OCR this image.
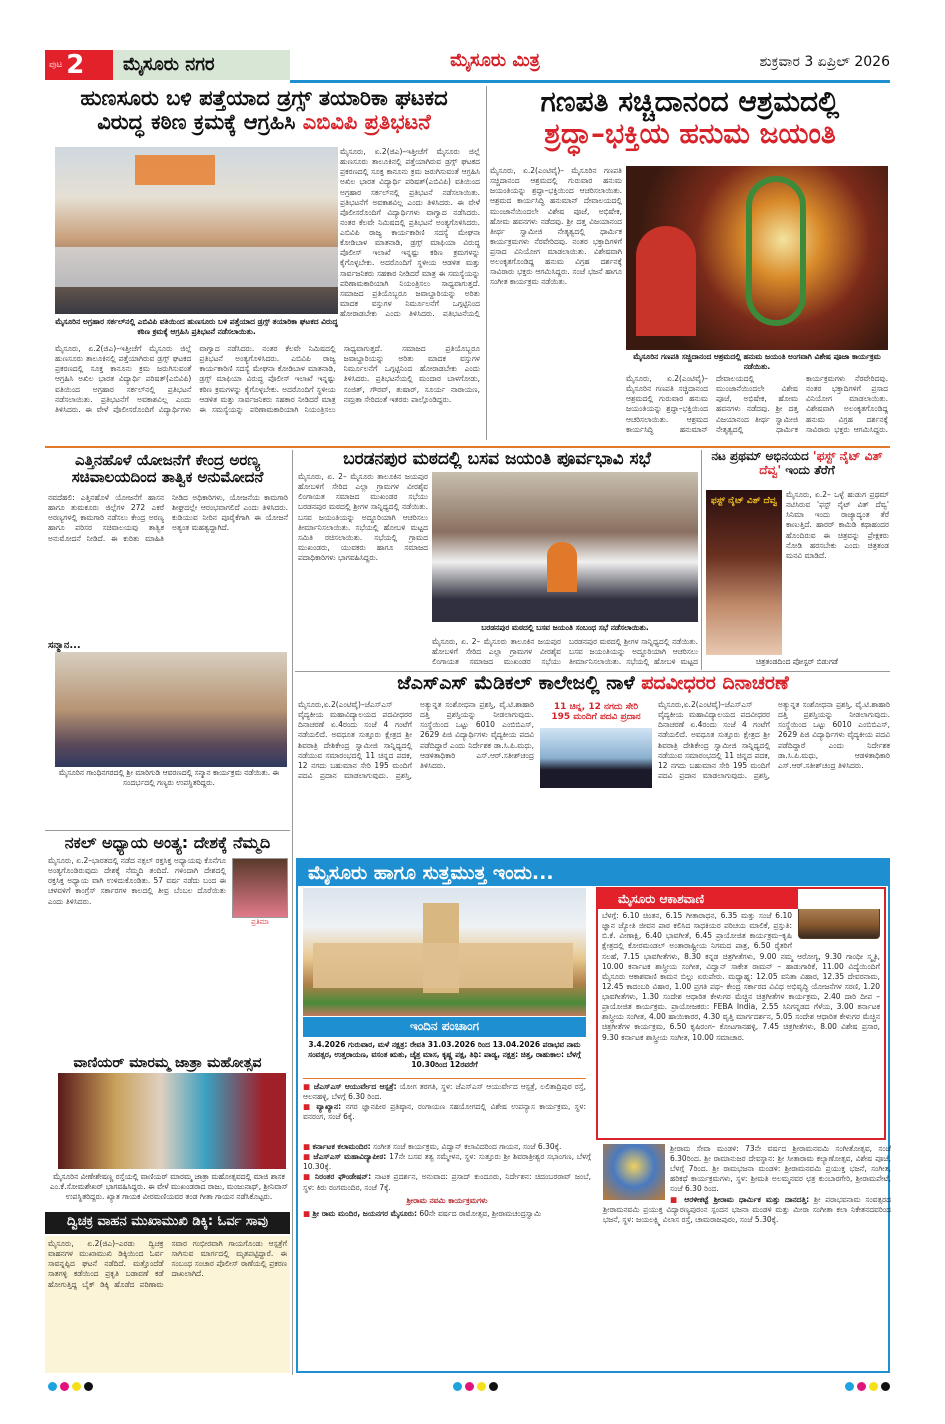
ಪುಟ 2	ಮೈಸೂರು ನಗರ	ಮೈಸೂರು ಮಿತ್ರ	ಶುಕ್ರವಾರ 3 ಏಪ್ರಿಲ್ 2026
ಹುಣಸೂರು ಬಳಿ ಪತ್ತೆಯಾದ ಡ್ರಗ್ಸ್ ತಯಾರಿಕಾ ಘಟಕದ
ವಿರುದ್ಧ ಕಠಿಣ ಕ್ರಮಕ್ಕೆ ಆಗ್ರಹಿಸಿ ಎಬಿವಿಪಿ ಪ್ರತಿಭಟನೆ
ಮೈಸೂರು, ಏ.2(ಜಿಎ)–ಇತ್ತೀಚೆಗೆ ಮೈಸೂರು ಜಿಲ್ಲೆ ಹುಣಸೂರು ತಾಲೂಕಿನಲ್ಲಿ ಪತ್ತೆಯಾಗಿರುವ ಡ್ರಗ್ಸ್ ಘಟಕದ ಪ್ರಕರಣದಲ್ಲಿ ಸೂಕ್ತ ಕಾನೂನು ಕ್ರಮ ಜರುಗಿಸುವಂತೆ ಆಗ್ರಹಿಸಿ ಅಖಿಲ ಭಾರತ ವಿದ್ಯಾರ್ಥಿ ಪರಿಷತ್(ಎಬಿವಿಪಿ) ವತಿಯಿಂದ ಅಗ್ರಹಾರ ಸರ್ಕಲ್‌ನಲ್ಲಿ ಪ್ರತಿಭಟನೆ ನಡೆಸಲಾಯಿತು. ಪ್ರತಿಭಟನೆಗೆ ಅವಕಾಶವಿಲ್ಲ ಎಂದು ತಿಳಿಸಿದರು. ಈ ವೇಳೆ ಪೊಲೀಸರೊಂದಿಗೆ ವಿದ್ಯಾರ್ಥಿಗಳು ವಾಗ್ವಾದ ನಡೆಸಿದರು. ನಂತರ ಕೆಲವೇ ನಿಮಿಷದಲ್ಲಿ ಪ್ರತಿಭಟನೆ ಅಂತ್ಯಗೊಳಿಸಿದರು. ಎಬಿವಿಪಿ ರಾಜ್ಯ ಕಾರ್ಯಕಾರಿಣಿ ಸದಸ್ಯೆ ಮೇಘನಾ ಕೋಡಿಬಾಳ ಮಾತನಾಡಿ, ಡ್ರಗ್ಸ್ ಮಾಫಿಯಾ ವಿರುದ್ಧ ಪೊಲೀಸ್ ಇಲಾಖೆ ಇನ್ನಷ್ಟು ಕಠಿಣ ಕ್ರಮಗಳನ್ನು ಕೈಗೊಳ್ಳಬೇಕು. ಅದರೊಂದಿಗೆ ಸ್ಥಳೀಯ ಆಡಳಿತ ಮತ್ತು ಸಾರ್ವಜನಿಕರು ಸಹಕಾರ ನೀಡಿದರೆ ಮಾತ್ರ ಈ ಸಮಸ್ಯೆಯನ್ನು ಪರಿಣಾಮಕಾರಿಯಾಗಿ ನಿಯಂತ್ರಿಸಲು ಸಾಧ್ಯವಾಗುತ್ತದೆ. ಸಮಾಜದ ಪ್ರತಿಯೊಬ್ಬರೂ ಜವಾಬ್ದಾರಿಯನ್ನು ಅರಿತು ಮಾದಕ ವಸ್ತುಗಳ ನಿರ್ಮೂಲನೆಗೆ ಒಗ್ಗಟ್ಟಿನಿಂದ ಹೋರಾಡಬೇಕು ಎಂದು ತಿಳಿಸಿದರು. ಪ್ರತಿಭಟನೆಯಲ್ಲಿ
ಮೈಸೂರಿನ ಅಗ್ರಹಾರ ಸರ್ಕಲ್‌ನಲ್ಲಿ ಎಬಿವಿಪಿ ವತಿಯಿಂದ ಹುಣಸೂರು ಬಳಿ ಪತ್ತೆಯಾದ ಡ್ರಗ್ಸ್ ತಯಾರಿಕಾ ಘಟಕದ ವಿರುದ್ಧ ಕಠಿಣ ಕ್ರಮಕ್ಕೆ ಆಗ್ರಹಿಸಿ ಪ್ರತಿಭಟನೆ ನಡೆಸಲಾಯಿತು.
ಮೈಸೂರು, ಏ.2(ಜಿಎ)–ಇತ್ತೀಚೆಗೆ ಮೈಸೂರು ಜಿಲ್ಲೆ ಹುಣಸೂರು ತಾಲೂಕಿನಲ್ಲಿ ಪತ್ತೆಯಾಗಿರುವ ಡ್ರಗ್ಸ್ ಘಟಕದ ಪ್ರಕರಣದಲ್ಲಿ ಸೂಕ್ತ ಕಾನೂನು ಕ್ರಮ ಜರುಗಿಸುವಂತೆ ಆಗ್ರಹಿಸಿ ಅಖಿಲ ಭಾರತ ವಿದ್ಯಾರ್ಥಿ ಪರಿಷತ್(ಎಬಿವಿಪಿ) ವತಿಯಿಂದ ಅಗ್ರಹಾರ ಸರ್ಕಲ್‌ನಲ್ಲಿ ಪ್ರತಿಭಟನೆ ನಡೆಸಲಾಯಿತು. ಪ್ರತಿಭಟನೆಗೆ ಅವಕಾಶವಿಲ್ಲ ಎಂದು ತಿಳಿಸಿದರು. ಈ ವೇಳೆ ಪೊಲೀಸರೊಂದಿಗೆ ವಿದ್ಯಾರ್ಥಿಗಳು ವಾಗ್ವಾದ ನಡೆಸಿದರು. ನಂತರ ಕೆಲವೇ ನಿಮಿಷದಲ್ಲಿ ಪ್ರತಿಭಟನೆ ಅಂತ್ಯಗೊಳಿಸಿದರು. ಎಬಿವಿಪಿ ರಾಜ್ಯ ಕಾರ್ಯಕಾರಿಣಿ ಸದಸ್ಯೆ ಮೇಘನಾ ಕೋಡಿಬಾಳ ಮಾತನಾಡಿ, ಡ್ರಗ್ಸ್ ಮಾಫಿಯಾ ವಿರುದ್ಧ ಪೊಲೀಸ್ ಇಲಾಖೆ ಇನ್ನಷ್ಟು ಕಠಿಣ ಕ್ರಮಗಳನ್ನು ಕೈಗೊಳ್ಳಬೇಕು. ಅದರೊಂದಿಗೆ ಸ್ಥಳೀಯ ಆಡಳಿತ ಮತ್ತು ಸಾರ್ವಜನಿಕರು ಸಹಕಾರ ನೀಡಿದರೆ ಮಾತ್ರ ಈ ಸಮಸ್ಯೆಯನ್ನು ಪರಿಣಾಮಕಾರಿಯಾಗಿ ನಿಯಂತ್ರಿಸಲು ಸಾಧ್ಯವಾಗುತ್ತದೆ. ಸಮಾಜದ ಪ್ರತಿಯೊಬ್ಬರೂ ಜವಾಬ್ದಾರಿಯನ್ನು ಅರಿತು ಮಾದಕ ವಸ್ತುಗಳ ನಿರ್ಮೂಲನೆಗೆ ಒಗ್ಗಟ್ಟಿನಿಂದ ಹೋರಾಡಬೇಕು ಎಂದು ತಿಳಿಸಿದರು. ಪ್ರತಿಭಟನೆಯಲ್ಲಿ ಮಂದಾರ ಬಾಳಗೋಡು, ಸಂಜಿತ್, ಗೌರವ್, ತುಷಾರ್, ಸೂರ್ಯ ನಾರಾಯಣ, ನಮ್ರತಾ ಸೇರಿದಂತೆ ಇತರರು ಪಾಲ್ಗೊಂಡಿದ್ದರು.
ಗಣಪತಿ ಸಚ್ಚಿದಾನಂದ ಆಶ್ರಮದಲ್ಲಿ
ಶ್ರದ್ಧಾ–ಭಕ್ತಿಯ ಹನುಮ ಜಯಂತಿ
ಮೈಸೂರು, ಏ.2(ಎಂಟಿವೈ)– ಮೈಸೂರಿನ ಗಣಪತಿ ಸಚ್ಚಿದಾನಂದ ಆಶ್ರಮದಲ್ಲಿ ಗುರುವಾರ ಹನುಮ ಜಯಂತಿಯನ್ನು ಶ್ರದ್ಧಾ–ಭಕ್ತಿಯಿಂದ ಆಚರಿಸಲಾಯಿತು. ಆಶ್ರಮದ ಕಾರ್ಯಸಿದ್ಧಿ ಹನುಮಾನ್ ದೇವಾಲಯದಲ್ಲಿ ಮುಂಜಾನೆಯಿಂದಲೇ ವಿಶೇಷ ಪೂಜೆ, ಅಭಿಷೇಕ, ಹೋಮ ಹವನಗಳು ನಡೆದವು. ಶ್ರೀ ದತ್ತ ವಿಜಯಾನಂದ ತೀರ್ಥ ಸ್ವಾಮೀಜಿ ನೇತೃತ್ವದಲ್ಲಿ ಧಾರ್ಮಿಕ ಕಾರ್ಯಕ್ರಮಗಳು ನೆರವೇರಿದವು. ನಂತರ ಭಕ್ತಾದಿಗಳಿಗೆ ಪ್ರಸಾದ ವಿನಿಯೋಗ ಮಾಡಲಾಯಿತು. ವಿಶೇಷವಾಗಿ ಅಲಂಕೃತಗೊಂಡಿದ್ದ ಹನುಮ ವಿಗ್ರಹ ದರ್ಶನಕ್ಕೆ ಸಾವಿರಾರು ಭಕ್ತರು ಆಗಮಿಸಿದ್ದರು. ಸಂಜೆ ಭಜನೆ ಹಾಗೂ ಸಂಗೀತ ಕಾರ್ಯಕ್ರಮ ನಡೆಯಿತು.
ಮೈಸೂರಿನ ಗಣಪತಿ ಸಚ್ಚಿದಾನಂದ ಆಶ್ರಮದಲ್ಲಿ ಹನುಮ ಜಯಂತಿ ಅಂಗವಾಗಿ ವಿಶೇಷ ಪೂಜಾ ಕಾರ್ಯಕ್ರಮ ನಡೆಯಿತು.
ಮೈಸೂರು, ಏ.2(ಎಂಟಿವೈ)– ಮೈಸೂರಿನ ಗಣಪತಿ ಸಚ್ಚಿದಾನಂದ ಆಶ್ರಮದಲ್ಲಿ ಗುರುವಾರ ಹನುಮ ಜಯಂತಿಯನ್ನು ಶ್ರದ್ಧಾ–ಭಕ್ತಿಯಿಂದ ಆಚರಿಸಲಾಯಿತು. ಆಶ್ರಮದ ಕಾರ್ಯಸಿದ್ಧಿ ಹನುಮಾನ್ ದೇವಾಲಯದಲ್ಲಿ ಮುಂಜಾನೆಯಿಂದಲೇ ವಿಶೇಷ ಪೂಜೆ, ಅಭಿಷೇಕ, ಹೋಮ ಹವನಗಳು ನಡೆದವು. ಶ್ರೀ ದತ್ತ ವಿಜಯಾನಂದ ತೀರ್ಥ ಸ್ವಾಮೀಜಿ ನೇತೃತ್ವದಲ್ಲಿ ಧಾರ್ಮಿಕ ಕಾರ್ಯಕ್ರಮಗಳು ನೆರವೇರಿದವು. ನಂತರ ಭಕ್ತಾದಿಗಳಿಗೆ ಪ್ರಸಾದ ವಿನಿಯೋಗ ಮಾಡಲಾಯಿತು. ವಿಶೇಷವಾಗಿ ಅಲಂಕೃತಗೊಂಡಿದ್ದ ಹನುಮ ವಿಗ್ರಹ ದರ್ಶನಕ್ಕೆ ಸಾವಿರಾರು ಭಕ್ತರು ಆಗಮಿಸಿದ್ದರು.
ಎತ್ತಿನಹೊಳೆ ಯೋಜನೆಗೆ ಕೇಂದ್ರ ಅರಣ್ಯ ಸಚಿವಾಲಯದಿಂದ ತಾತ್ವಿಕ ಅನುಮೋದನೆ
ನವದೆಹಲಿ: ಎತ್ತಿನಹೊಳೆ ಯೋಜನೆಗೆ ಹಾಸನ ಹಾಗೂ ತುಮಕೂರು ಜಿಲ್ಲೆಗಳ 272 ಎಕರೆ ಅರಣ್ಯಗಳಲ್ಲಿ ಕಾಮಗಾರಿ ನಡೆಸಲು ಕೇಂದ್ರ ಅರಣ್ಯ ಹಾಗೂ ಪರಿಸರ ಸಚಿವಾಲಯವು ತಾತ್ವಿಕ ಅನುಮೋದನೆ ನೀಡಿದೆ. ಈ ಕುರಿತು ಮಾಹಿತಿ ನೀಡಿದ ಅಧಿಕಾರಿಗಳು, ಯೋಜನೆಯ ಕಾಮಗಾರಿ ಶೀಘ್ರದಲ್ಲೇ ಆರಂಭವಾಗಲಿದೆ ಎಂದು ತಿಳಿಸಿದರು. ಕುಡಿಯುವ ನೀರಿನ ಪೂರೈಕೆಗಾಗಿ ಈ ಯೋಜನೆ ಅತ್ಯಂತ ಮಹತ್ವದ್ದಾಗಿದೆ.
ಸನ್ಮಾನ...
ಮೈಸೂರಿನ ಗಾಂಧಿನಗರದಲ್ಲಿ ಶ್ರೀ ಮಾರಿಗುಡಿ ಆವರಣದಲ್ಲಿ ಸನ್ಮಾನ ಕಾರ್ಯಕ್ರಮ ನಡೆಯಿತು. ಈ ಸಂದರ್ಭದಲ್ಲಿ ಗಣ್ಯರು ಉಪಸ್ಥಿತರಿದ್ದರು.
ನಕಲ್ ಅಧ್ಯಾಯ ಅಂತ್ಯ: ದೇಶಕ್ಕೆ ನೆಮ್ಮದಿ
ಪ್ರತಿಮಾ
ಮೈಸೂರು, ಏ.2–ಭಾರತದಲ್ಲಿ ನಡೆದ ನಕ್ಸಲ್ ರಕ್ತಸಿಕ್ತ ಅಧ್ಯಾಯವು ಕೊನೆಗೂ ಅಂತ್ಯಗೊಂಡಿರುವುದು ದೇಶಕ್ಕೆ ನೆಮ್ಮದಿ ತಂದಿದೆ. ಗಳಿಂದಾಗಿ ದೇಶದಲ್ಲಿ ರಕ್ತಸಿಕ್ತ ಅಧ್ಯಾಯ ವಾಗಿ ಉಳಿದುಕೊಂಡಿತು. 57 ವರ್ಷ ನಡೆದು ಬಂದ ಈ ಚಳವಳಿಗೆ ಕಾಂಗ್ರೆಸ್ ಸರ್ಕಾರಗಳ ಕಾಲದಲ್ಲಿ ತೀವ್ರ ಬೆಂಬಲ ದೊರೆಯಿತು ಎಂದು ತಿಳಿಸಿದರು.
ವಾಣಿಯರ್ ಮಾರಮ್ಮ ಜಾತ್ರಾ ಮಹೋತ್ಸವ
ಮೈಸೂರಿನ ವೀಣೇಶೇಷಣ್ಣ ರಸ್ತೆಯಲ್ಲಿ ವಾಣಿಯರ್ ಮಾರಮ್ಮ ಜಾತ್ರಾ ಮಹೋತ್ಸವದಲ್ಲಿ ಮಾಜಿ ಶಾಸಕ ಎಂ.ಕೆ.ಸೋಮಶೇಖರ್ ಭಾಗವಹಿಸಿದ್ದರು. ಈ ವೇಳೆ ಮುಖಂಡರಾದ ರಾಜು, ಮಂಜುನಾಥ್, ಶ್ರೀನಿವಾಸ್ ಉಪಸ್ಥಿತರಿದ್ದರು. ಖ್ಯಾತ ಗಾಯಕ ವೀರಮಣಿಯವರ ತಂಡ ಗೀತಾ ಗಾಯನ ನಡೆಸಿಕೊಟ್ಟರು.
ದ್ವಿಚಕ್ರ ವಾಹನ ಮುಖಾಮುಖಿ ಡಿಕ್ಕಿ: ಓರ್ವ ಸಾವು
ಮೈಸೂರು, ಏ.2(ಜಿಎ)–ಎರಡು ದ್ವಿಚಕ್ರ ವಾಹನಗಳ ಮುಖಾಮುಖಿ ಡಿಕ್ಕಿಯಿಂದ ಓರ್ವ ಸಾವನ್ನಪ್ಪಿದ ಘಟನೆ ನಡೆದಿದೆ. ಮತ್ತೊಂದೆಡೆ ಸಾತಗಳ್ಳಿ ಕಡೆಯಿಂದ ಪ್ರಕೃತಿ ಬಡಾವಣೆ ಕಡೆ ಹೋಗುತ್ತಿದ್ದ ಬೈಕ್ ಡಿಕ್ಕಿ ಹೊಡೆದ ಪರಿಣಾಮ ಸವಾರ ಗಂಭೀರವಾಗಿ ಗಾಯಗೊಂಡು ಆಸ್ಪತ್ರೆಗೆ ಸಾಗಿಸುವ ಮಾರ್ಗದಲ್ಲಿ ಮೃತಪಟ್ಟಿದ್ದಾರೆ. ಈ ಸಂಬಂಧ ಸಂಚಾರ ಪೊಲೀಸ್ ಠಾಣೆಯಲ್ಲಿ ಪ್ರಕರಣ ದಾಖಲಾಗಿದೆ.
ಬರಡನಪುರ ಮಠದಲ್ಲಿ ಬಸವ ಜಯಂತಿ ಪೂರ್ವಭಾವಿ ಸಭೆ
ಮೈಸೂರು, ಏ. 2– ಮೈಸೂರು ತಾಲೂಕಿನ ಜಯಪುರ ಹೋಬಳಿಗೆ ಸೇರಿದ ಎಲ್ಲಾ ಗ್ರಾಮಗಳ ವೀರಶೈವ ಲಿಂಗಾಯತ ಸಮಾಜದ ಮುಖಂಡರ ಸಭೆಯು ಬರಡನಪುರ ಮಠದಲ್ಲಿ ಶ್ರೀಗಳ ಸಾನ್ನಿಧ್ಯದಲ್ಲಿ ನಡೆಯಿತು. ಬಸವ ಜಯಂತಿಯನ್ನು ಅದ್ದೂರಿಯಾಗಿ ಆಚರಿಸಲು ತೀರ್ಮಾನಿಸಲಾಯಿತು. ಸಭೆಯಲ್ಲಿ ಹೋಬಳಿ ಮಟ್ಟದ ಸಮಿತಿ ರಚಿಸಲಾಯಿತು. ಸಭೆಯಲ್ಲಿ ಗ್ರಾಮದ ಮುಖಂಡರು, ಯುವಕರು ಹಾಗೂ ಸಮಾಜದ ಪದಾಧಿಕಾರಿಗಳು ಭಾಗವಹಿಸಿದ್ದರು.
ಬರಡನಪುರ ಮಠದಲ್ಲಿ ಬಸವ ಜಯಂತಿ ಸಂಬಂಧ ಸಭೆ ನಡೆಸಲಾಯಿತು.
ಮೈಸೂರು, ಏ. 2– ಮೈಸೂರು ತಾಲೂಕಿನ ಜಯಪುರ ಹೋಬಳಿಗೆ ಸೇರಿದ ಎಲ್ಲಾ ಗ್ರಾಮಗಳ ವೀರಶೈವ ಲಿಂಗಾಯತ ಸಮಾಜದ ಮುಖಂಡರ ಸಭೆಯು ಬರಡನಪುರ ಮಠದಲ್ಲಿ ಶ್ರೀಗಳ ಸಾನ್ನಿಧ್ಯದಲ್ಲಿ ನಡೆಯಿತು. ಬಸವ ಜಯಂತಿಯನ್ನು ಅದ್ದೂರಿಯಾಗಿ ಆಚರಿಸಲು ತೀರ್ಮಾನಿಸಲಾಯಿತು. ಸಭೆಯಲ್ಲಿ ಹೋಬಳಿ ಮಟ್ಟದ
ನಟ ಪ್ರಥಮ್ ಅಭಿನಯದ 'ಫಸ್ಟ್ ನೈಟ್ ವಿತ್ ದೆವ್ವ' ಇಂದು ತೆರೆಗೆ
ಫಸ್ಟ್ ನೈಟ್ ವಿತ್ ದೆವ್ವ
ಮೈಸೂರು, ಏ.2– ಒಳ್ಳೆ ಹುಡುಗ ಪ್ರಥಮ್ ನಟಿಸಿರುವ 'ಫಸ್ಟ್ ನೈಟ್ ವಿತ್ ದೆವ್ವ' ಸಿನಿಮಾ ಇಂದು ರಾಜ್ಯಾದ್ಯಂತ ತೆರೆ ಕಾಣುತ್ತಿದೆ. ಹಾರರ್ ಕಾಮಿಡಿ ಕಥಾಹಂದರ ಹೊಂದಿರುವ ಈ ಚಿತ್ರವನ್ನು ಪ್ರೇಕ್ಷಕರು ನೋಡಿ ಹರಸಬೇಕು ಎಂದು ಚಿತ್ರತಂಡ ಮನವಿ ಮಾಡಿದೆ.
ಚಿತ್ರತಂಡದಿಂದ ಪೋಸ್ಟರ್ ಬಿಡುಗಡೆ
ಜೆಎಸ್‌ಎಸ್ ಮೆಡಿಕಲ್ ಕಾಲೇಜಲ್ಲಿ ನಾಳೆ ಪದವೀಧರರ ದಿನಾಚರಣೆ
ಮೈಸೂರು,ಏ.2(ಎಂಟಿವೈ)–ಜೆಎಸ್‌ಎಸ್ ವೈದ್ಯಕೀಯ ಮಹಾವಿದ್ಯಾಲಯದ ಪದವೀಧರರ ದಿನಾಚರಣೆ ಏ.4ರಂದು ಸಂಜೆ 4 ಗಂಟೆಗೆ ನಡೆಯಲಿದೆ. ಅವಧೂತ ಸುತ್ತೂರು ಕ್ಷೇತ್ರದ ಶ್ರೀ ಶಿವರಾತ್ರಿ ದೇಶಿಕೇಂದ್ರ ಸ್ವಾಮೀಜಿ ಸಾನ್ನಿಧ್ಯದಲ್ಲಿ ನಡೆಯುವ ಸಮಾರಂಭದಲ್ಲಿ 11 ಚಿನ್ನದ ಪದಕ, 12 ನಗದು ಬಹುಮಾನ ಸೇರಿ 195 ಮಂದಿಗೆ ಪದವಿ ಪ್ರದಾನ ಮಾಡಲಾಗುವುದು. ಪ್ರಶಸ್ತಿ, ಅತ್ಯುನ್ನತ ಸಂಶೋಧನಾ ಪ್ರಶಸ್ತಿ, ವೈ.ಟಿ.ಶಾಹಾರಿ ದತ್ತಿ ಪ್ರಶಸ್ತಿಯನ್ನು ನೀಡಲಾಗುವುದು. ಸಂಸ್ಥೆಯಿಂದ ಒಟ್ಟು 6010 ಎಂಬಿಬಿಎಸ್, 2629 ಪಿಜಿ ವಿದ್ಯಾರ್ಥಿಗಳು ವೈದ್ಯಕೀಯ ಪದವಿ ಪಡೆದಿದ್ದಾರೆ ಎಂದು ನಿರ್ದೇಶಕ ಡಾ.ಸಿ.ಪಿ.ಮಧು, ಆಡಳಿತಾಧಿಕಾರಿ ಎಸ್.ಆರ್.ಸತೀಶ್‌ಚಂದ್ರ ತಿಳಿಸಿದರು.
11 ಚಿನ್ನ, 12 ನಗದು ಸೇರಿ
195 ಮಂದಿಗೆ ಪದವಿ ಪ್ರದಾನ
ಮೈಸೂರು,ಏ.2(ಎಂಟಿವೈ)–ಜೆಎಸ್‌ಎಸ್ ವೈದ್ಯಕೀಯ ಮಹಾವಿದ್ಯಾಲಯದ ಪದವೀಧರರ ದಿನಾಚರಣೆ ಏ.4ರಂದು ಸಂಜೆ 4 ಗಂಟೆಗೆ ನಡೆಯಲಿದೆ. ಅವಧೂತ ಸುತ್ತೂರು ಕ್ಷೇತ್ರದ ಶ್ರೀ ಶಿವರಾತ್ರಿ ದೇಶಿಕೇಂದ್ರ ಸ್ವಾಮೀಜಿ ಸಾನ್ನಿಧ್ಯದಲ್ಲಿ ನಡೆಯುವ ಸಮಾರಂಭದಲ್ಲಿ 11 ಚಿನ್ನದ ಪದಕ, 12 ನಗದು ಬಹುಮಾನ ಸೇರಿ 195 ಮಂದಿಗೆ ಪದವಿ ಪ್ರದಾನ ಮಾಡಲಾಗುವುದು. ಪ್ರಶಸ್ತಿ, ಅತ್ಯುನ್ನತ ಸಂಶೋಧನಾ ಪ್ರಶಸ್ತಿ, ವೈ.ಟಿ.ಶಾಹಾರಿ ದತ್ತಿ ಪ್ರಶಸ್ತಿಯನ್ನು ನೀಡಲಾಗುವುದು. ಸಂಸ್ಥೆಯಿಂದ ಒಟ್ಟು 6010 ಎಂಬಿಬಿಎಸ್, 2629 ಪಿಜಿ ವಿದ್ಯಾರ್ಥಿಗಳು ವೈದ್ಯಕೀಯ ಪದವಿ ಪಡೆದಿದ್ದಾರೆ ಎಂದು ನಿರ್ದೇಶಕ ಡಾ.ಸಿ.ಪಿ.ಮಧು, ಆಡಳಿತಾಧಿಕಾರಿ ಎಸ್.ಆರ್.ಸತೀಶ್‌ಚಂದ್ರ ತಿಳಿಸಿದರು.
ಮೈಸೂರು ಹಾಗೂ ಸುತ್ತಮುತ್ತ ಇಂದು...
ಇಂದಿನ ಪಂಚಾಂಗ
3.4.2026 ಗುರುವಾರ, ಮಳೆ ನಕ್ಷತ್ರ: ರೇವತಿ 31.03.2026 ರಿಂದ 13.04.2026 ಪರಾಭವ ನಾಮ ಸಂವತ್ಸರ, ಉತ್ತರಾಯಣ, ವಸಂತ ಋತು, ಚೈತ್ರ ಮಾಸ, ಕೃಷ್ಣ ಪಕ್ಷ, ತಿಥಿ: ಪಾಡ್ಯ, ನಕ್ಷತ್ರ: ಚಿತ್ತ, ರಾಹುಕಾಲ: ಬೆಳಗ್ಗೆ 10.30ರಿಂದ 12ರವರೆಗೆ
■ ಜೆಎಸ್‌ಎಸ್ ಆಯುರ್ವೇದ ಆಸ್ಪತ್ರೆ: ಯೋಗ ತರಗತಿ, ಸ್ಥಳ: ಜೆಎಸ್‌ಎಸ್ ಆಯುರ್ವೇದ ಆಸ್ಪತ್ರೆ, ಲಲಿತಾದ್ರಿಪುರ ರಸ್ತೆ, ಆಲನಹಳ್ಳಿ, ಬೆಳಗ್ಗೆ 6.30 ರಿಂದ.
■ ವ್ಯಾಖ್ಯಾನ: ನಗರ ಜ್ಞಾನಪೀಠ ಪ್ರತಿಷ್ಠಾನ, ರಂಗಾಯಣ ಸಹಯೋಗದಲ್ಲಿ ವಿಶೇಷ ಉಪನ್ಯಾಸ ಕಾರ್ಯಕ್ರಮ, ಸ್ಥಳ: ವನರಂಗ, ಸಂಜೆ 6ಕ್ಕೆ.
■ ಕರ್ನಾಟಕ ಕಲಾಮಂದಿರ: ಸಂಗೀತ ಸಂಜೆ ಕಾರ್ಯಕ್ರಮ, ವಿದ್ವಾನ್ ಕಲಾವಿದರಿಂದ ಗಾಯನ, ಸಂಜೆ 6.30ಕ್ಕೆ.
■ ಜೆಎಸ್‌ಎಸ್ ಮಹಾವಿದ್ಯಾಪೀಠ: 17ನೇ ಬಸವ ತತ್ವ ಸಮ್ಮೇಳನ, ಸ್ಥಳ: ಸುತ್ತೂರು ಶ್ರೀ ಶಿವರಾತ್ರೀಶ್ವರ ಸಭಾಂಗಣ, ಬೆಳಗ್ಗೆ 10.30ಕ್ಕೆ.
■ ನಿರಂತರ ಫೌಂಡೇಷನ್: ನಾಟಕ ಪ್ರದರ್ಶನ, ಅನುವಾದ: ಪ್ರಸಾದ್ ಕುಂದೂರು, ನಿರ್ದೇಶನ: ಚಿದಂಬರರಾವ್ ಜಂಬೆ, ಸ್ಥಳ: ಕಿರು ರಂಗಮಂದಿರ, ಸಂಜೆ 7ಕ್ಕೆ.
ಶ್ರೀರಾಮ ನವಮಿ ಕಾರ್ಯಕ್ರಮಗಳು
■ ಶ್ರೀ ರಾಮ ಮಂದಿರ, ಜಯನಗರ ಮೈಸೂರು: 60ನೇ ವರ್ಷದ ರಾಮೋತ್ಸವ, ಶ್ರೀರಾಮಚಂದ್ರಸ್ವಾಮಿ
ಶ್ರೀರಾಮ ಸೇವಾ ಮಂಡಳಿ: 73ನೇ ವರ್ಷದ ಶ್ರೀರಾಮನವಮಿ ಸಂಗೀತೋತ್ಸವ, ಸಂಜೆ 6.30ರಿಂದ. ಶ್ರೀ ರಾಮಾನುಜರ ದೇವಸ್ಥಾನ: ಶ್ರೀ ಸೀತಾರಾಮ ಕಲ್ಯಾಣೋತ್ಸವ, ವಿಶೇಷ ಪೂಜೆ, ಬೆಳಗ್ಗೆ 7ರಿಂದ. ಶ್ರೀ ರಾಮಭಜನಾ ಮಂಡಳಿ: ಶ್ರೀರಾಮನವಮಿ ಪ್ರಯುಕ್ತ ಭಜನೆ, ಸಂಗೀತ, ಹರಿಕಥೆ ಕಾರ್ಯಕ್ರಮಗಳು, ಸ್ಥಳ: ಶ್ರೀಮತಿ ಅಲಮ್ಮನವರ ಛತ್ರ ಕುಂಬಾರಗೇರಿ, ಶ್ರೀರಾಮಪೇಟೆ, ಸಂಜೆ 6.30 ರಿಂದ.
■ ಆರಳೀಕಟ್ಟೆ ಶ್ರೀರಾಮ ಧಾರ್ಮಿಕ ಮತ್ತು ದಾನದತ್ತಿ: ಶ್ರೀ ಪರಾಭವನಾಮ ಸಂವತ್ಸರದ ಶ್ರೀರಾಮನವಮಿ ಪ್ರಯುಕ್ತ ವಿದ್ಯಾರಣ್ಯಪುರಂನ ಸ್ಪಂದನ ಭಜನಾ ಮಂಡಳಿ ಮತ್ತು ಮೀರಾ ಸಂಗೀತಾ ಕಲಾ ನಿಕೇತನದವರಿಂದ ಭಜನೆ, ಸ್ಥಳ: ಜಯಲಕ್ಷ್ಮಿ ವಿಲಾಸ ರಸ್ತೆ, ಚಾಮರಾಜಪುರಂ, ಸಂಜೆ 5.30ಕ್ಕೆ.
ಮೈಸೂರು ಆಕಾಶವಾಣಿ
ಬೆಳಗ್ಗೆ: 6.10 ಚಿಂತನ, 6.15 ಗೀತಾರಾಧನ, 6.35 ಮತ್ತು ಸಂಜೆ 6.10 ಜ್ಞಾನ ಜ್ಯೋತಿ ಜೀವನ ಪಾಠ ಕಲಿಸಿದ ಸಾಧಕಿಯರ ಪರಿಚಯ ಮಾಲಿಕೆ, ಪ್ರಸ್ತುತಿ: ಬಿ.ಕೆ. ವೀಣಾಕ್ಷಿ, 6.40 ಭಾವಗೀತೆ, 6.45 ಪ್ರಾಯೋಜಿತ ಕಾರ್ಯಕ್ರಮ–ಕೃಷಿ ಕ್ಷೇತ್ರದಲ್ಲಿ ಕೋರಮಂಡಲ್ ಅಂತಾರಾಷ್ಟ್ರೀಯ ನಿಗಮದ ಪಾತ್ರ, 6.50 ರೈತರಿಗೆ ಸಲಹೆ, 7.15 ಭಾವಗೀತೆಗಳು, 8.30 ಕನ್ನಡ ಚಿತ್ರಗೀತೆಗಳು, 9.00 ನಮ್ಮ ಆರೋಗ್ಯ, 9.30 ಗಾಂಧೀ ಸ್ಮೃತಿ, 10.00 ಕರ್ನಾಟಕ ಶಾಸ್ತ್ರೀಯ ಸಂಗೀತ, ವಿದ್ವಾನ್ ಸಾಕೇತ ರಾಮನ್ – ಹಾಡುಗಾರಿಕೆ, 11.00 ವಿದ್ಯೆಯಿಂದಿಗೆ ಮೈಸೂರು ಆಕಾಶವಾಣಿ ಕಾಮನ ಬಿಲ್ಲು ಏರುಪೇರು. ಮಧ್ಯಾಹ್ನ: 12.05 ವನಿತಾ ವಿಹಾರ, 12.35 ದೇವರನಾಮ, 12.45 ಕಾದಂಬರಿ ವಿಹಾರ, 1.00 ಪ್ರಗತಿ ಪಥ– ಕೇಂದ್ರ ಸರ್ಕಾರದ ವಿವಿಧ ಅಭಿವೃದ್ಧಿ ಯೋಜನೆಗಳ ಸರಣಿ, 1.20 ಭಾವಗೀತೆಗಳು, 1.30 ಸಂದೇಶ ಆಧಾರಿತ ಕೇಳುಗರ ಮೆಚ್ಚಿನ ಚಿತ್ರಗೀತೆಗಳ ಕಾರ್ಯಕ್ರಮ, 2.40 ದಾರಿ ದೀಪ –ಪ್ರಾಯೋಜಿತ ಕಾರ್ಯಕ್ರಮ. ಪ್ರಾಯೋಜಕರು: FEBA India, 2.55 ಸಿನಿಗನ್ನಡದ ಗೆಳೆಯ, 3.00 ಕರ್ನಾಟಕ ಶಾಸ್ತ್ರೀಯ ಸಂಗೀತ, 4.00 ಹಾಯಿಕಾರರ, 4.30 ವೃತ್ತಿ ಮಾರ್ಗದರ್ಶನ, 5.05 ಸಂದೇಶ ಆಧಾರಿತ ಕೇಳುಗರ ಮೆಚ್ಚಿನ ಚಿತ್ರಗೀತೆಗಳ ಕಾರ್ಯಕ್ರಮ, 6.50 ಕೃಷಿರಂಗ– ಕೋಟಗಾನಹಳ್ಳಿ, 7.45 ಚಿತ್ರಗೀತೆಗಳು, 8.00 ವಿಶೇಷ ಪ್ರಸಾರ, 9.30 ಕರ್ನಾಟಕ ಶಾಸ್ತ್ರೀಯ ಸಂಗೀತ, 10.00 ಸಮಾಚಾರ.
